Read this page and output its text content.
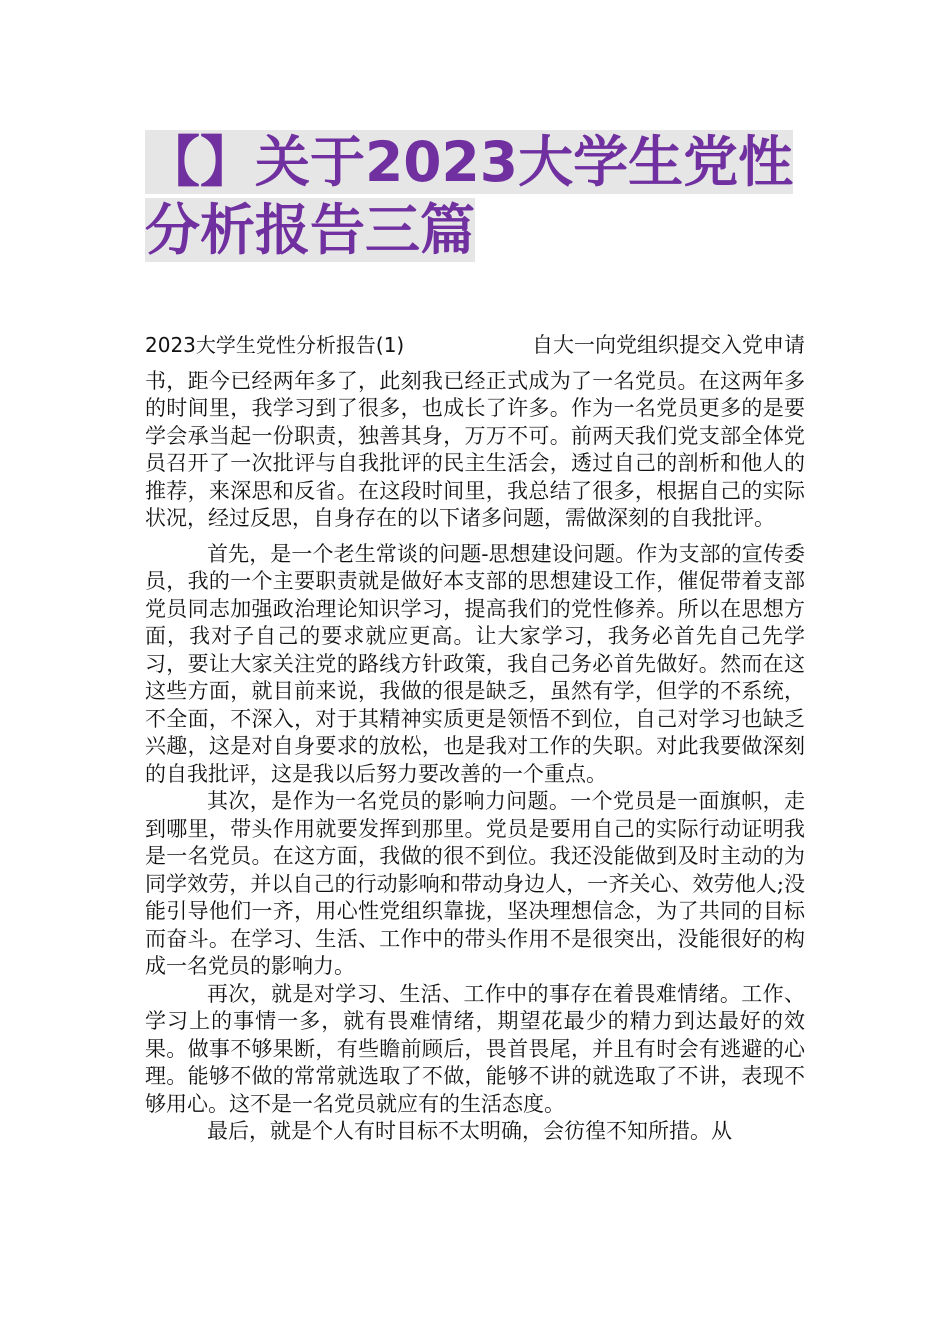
【】关于2023大学生党性
分析报告三篇
2023大学生党性分析报告(1)	自大一向党组织提交入党申请

书，距今已经两年多了，此刻我已经正式成为了一名党员。在这两年多的时间里，我学习到了很多，也成长了许多。作为一名党员更多的是要学会承当起一份职责，独善其身，万万不可。前两天我们党支部全体党员召开了一次批评与自我批评的民主生活会，透过自己的剖析和他人的推荐，来深思和反省。在这段时间里，我总结了很多，根据自己的实际状况，经过反思，自身存在的以下诸多问题，需做深刻的自我批评。

首先，是一个老生常谈的问题-思想建设问题。作为支部的宣传委员，我的一个主要职责就是做好本支部的思想建设工作，催促带着支部党员同志加强政治理论知识学习，提高我们的党性修养。所以在思想方面，我对子自己的要求就应更高。让大家学习，我务必首先自己先学习，要让大家关注党的路线方针政策，我自己务必首先做好。然而在这这些方面，就目前来说，我做的很是缺乏，虽然有学，但学的不系统，不全面，不深入，对于其精神实质更是领悟不到位，自己对学习也缺乏兴趣，这是对自身要求的放松，也是我对工作的失职。对此我要做深刻的自我批评，这是我以后努力要改善的一个重点。

其次，是作为一名党员的影响力问题。一个党员是一面旗帜，走到哪里，带头作用就要发挥到那里。党员是要用自己的实际行动证明我是一名党员。在这方面，我做的很不到位。我还没能做到及时主动的为同学效劳，并以自己的行动影响和带动身边人，一齐关心、效劳他人;没能引导他们一齐，用心性党组织靠拢，坚决理想信念，为了共同的目标而奋斗。在学习、生活、工作中的带头作用不是很突出，没能很好的构成一名党员的影响力。

再次，就是对学习、生活、工作中的事存在着畏难情绪。工作、学习上的事情一多，就有畏难情绪，期望花最少的精力到达最好的效果。做事不够果断，有些瞻前顾后，畏首畏尾，并且有时会有逃避的心理。能够不做的常常就选取了不做，能够不讲的就选取了不讲，表现不够用心。这不是一名党员就应有的生活态度。

最后，就是个人有时目标不太明确，会彷徨不知所措。从
